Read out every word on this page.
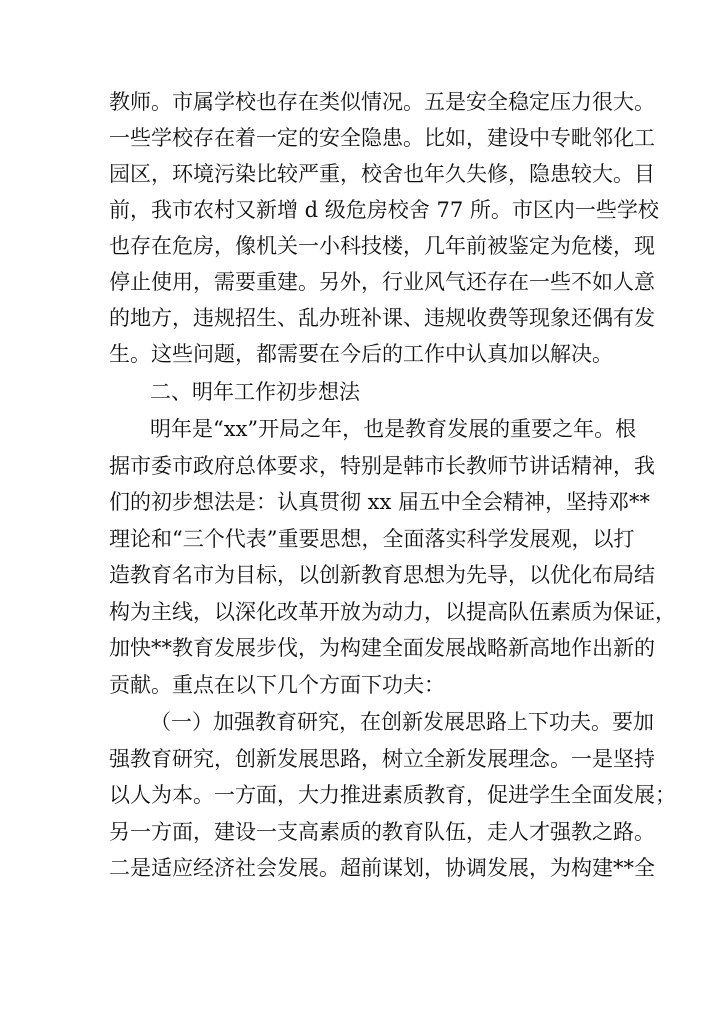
教师。市属学校也存在类似情况。五是安全稳定压力很大。
一些学校存在着一定的安全隐患。比如，建设中专毗邻化工
园区，环境污染比较严重，校舍也年久失修，隐患较大。目
前，我市农村又新增 d 级危房校舍 77 所。市区内一些学校
也存在危房，像机关一小科技楼，几年前被鉴定为危楼，现
停止使用，需要重建。另外，行业风气还存在一些不如人意
的地方，违规招生、乱办班补课、违规收费等现象还偶有发
生。这些问题，都需要在今后的工作中认真加以解决。
二、明年工作初步想法
明年是“xx”开局之年，也是教育发展的重要之年。根
据市委市政府总体要求，特别是韩市长教师节讲话精神，我
们的初步想法是：认真贯彻 xx 届五中全会精神，坚持邓**
理论和“三个代表”重要思想，全面落实科学发展观，以打
造教育名市为目标，以创新教育思想为先导，以优化布局结
构为主线，以深化改革开放为动力，以提高队伍素质为保证，
加快**教育发展步伐，为构建全面发展战略新高地作出新的
贡献。重点在以下几个方面下功夫：
（一）加强教育研究，在创新发展思路上下功夫。要加
强教育研究，创新发展思路，树立全新发展理念。一是坚持
以人为本。一方面，大力推进素质教育，促进学生全面发展；
另一方面，建设一支高素质的教育队伍，走人才强教之路。
二是适应经济社会发展。超前谋划，协调发展，为构建**全
